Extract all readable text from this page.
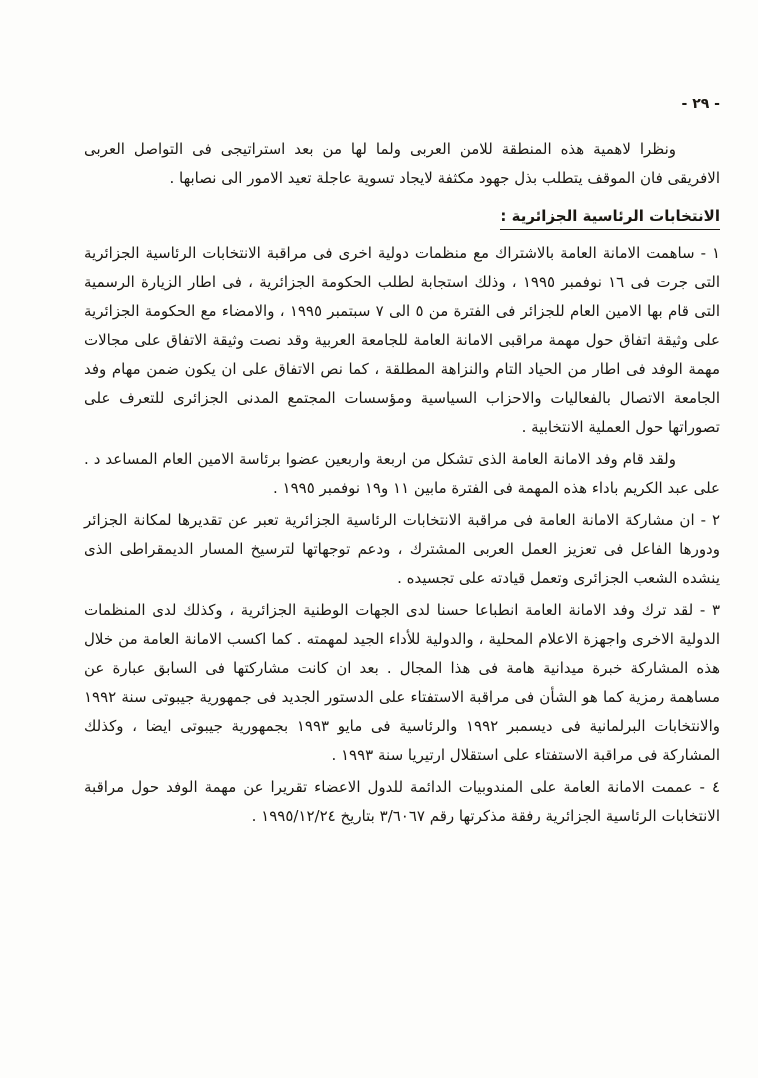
- ٢٩ -

ونظرا لاهمية هذه المنطقة للامن العربى ولما لها من بعد استراتيجى فى التواصل العربى الافريقى فان الموقف يتطلب بذل جهود مكثفة لايجاد تسوية عاجلة تعيد الامور الى نصابها .

الانتخابات الرئاسية الجزائرية :

١ - ساهمت الامانة العامة بالاشتراك مع منظمات دولية اخرى فى مراقبة الانتخابات الرئاسية الجزائرية التى جرت فى ١٦ نوفمبر ١٩٩٥ ، وذلك استجابة لطلب الحكومة الجزائرية ، فى اطار الزيارة الرسمية التى قام بها الامين العام للجزائر فى الفترة من ٥ الى ٧ سبتمبر ١٩٩٥ ، والامضاء مع الحكومة الجزائرية على وثيقة اتفاق حول مهمة مراقبى الامانة العامة للجامعة العربية وقد نصت وثيقة الاتفاق على مجالات مهمة الوفد فى اطار من الحياد التام والنزاهة المطلقة ، كما نص الاتفاق على ان يكون ضمن مهام وفد الجامعة الاتصال بالفعاليات والاحزاب السياسية ومؤسسات المجتمع المدنى الجزائرى للتعرف على تصوراتها حول العملية الانتخابية .

ولقد قام وفد الامانة العامة الذى تشكل من اربعة واربعين عضوا برئاسة الامين العام المساعد د . على عبد الكريم باداء هذه المهمة فى الفترة مابين ١١ و١٩ نوفمبر ١٩٩٥ .

٢ - ان مشاركة الامانة العامة فى مراقبة الانتخابات الرئاسية الجزائرية تعبر عن تقديرها لمكانة الجزائر ودورها الفاعل فى تعزيز العمل العربى المشترك ، ودعم توجهاتها لترسيخ المسار الديمقراطى الذى ينشده الشعب الجزائرى وتعمل قيادته على تجسيده .

٣ - لقد ترك وفد الامانة العامة انطباعا حسنا لدى الجهات الوطنية الجزائرية ، وكذلك لدى المنظمات الدولية الاخرى واجهزة الاعلام المحلية ، والدولية للأداء الجيد لمهمته . كما اكسب الامانة العامة من خلال هذه المشاركة خبرة ميدانية هامة فى هذا المجال . بعد ان كانت مشاركتها فى السابق عبارة عن مساهمة رمزية كما هو الشأن فى مراقبة الاستفتاء على الدستور الجديد فى جمهورية جيبوتى سنة ١٩٩٢ والانتخابات البرلمانية فى ديسمبر ١٩٩٢ والرئاسية فى مايو ١٩٩٣ بجمهورية جيبوتى ايضا ، وكذلك المشاركة فى مراقبة الاستفتاء على استقلال ارتيريا سنة ١٩٩٣ .

٤ - عممت الامانة العامة على المندوبيات الدائمة للدول الاعضاء تقريرا عن مهمة الوفد حول مراقبة الانتخابات الرئاسية الجزائرية رفقة مذكرتها رقم ٣/٦٠٦٧ بتاريخ ١٩٩٥/١٢/٢٤ .
